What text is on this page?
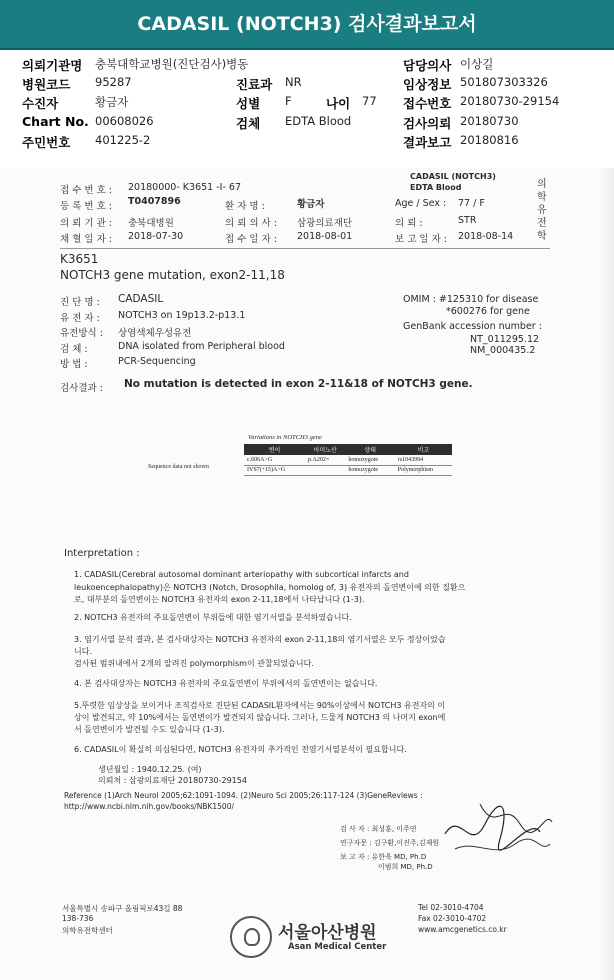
CADASIL (NOTCH3) 검사결과보고서
의뢰기관명 충북대학교병원(진단검사)병동
병원코드 95287
수진자	황금자
Chart No. 00608026
주민번호 401225-2
진료과 NR
성별 F	나이 77
검체 EDTA Blood
담당의사 이상길
임상정보 501807303326
접수번호 20180730-29154
검사의뢰 20180730
결과보고 20180816
접 수 번 호 : 20180000- K3651 -I- 67
CADASIL (NOTCH3)
EDTA Blood
등 록 번 호 : T0407896	환 자 명 :	황금자	Age / Sex : 77 / F
의 뢰 기 관 : 충북대병원	의 뢰 의 사 : 삼광의료재단	의 뢰 :	STR
채 혈 일 자 : 2018-07-30	접 수 일 자 : 2018-08-01	보 고 일 자 : 2018-08-14
의학유전학
K3651
NOTCH3 gene mutation, exon2-11,18
진 단 명 : CADASIL
유 전 자 : NOTCH3 on 19p13.2-p13.1
유전방식 : 상염색체우성유전
검 체 :	DNA isolated from Peripheral blood
방 법 :	PCR-Sequencing
OMIM : #125310 for disease
*600276 for gene
GenBank accession number :
NT_011295.12
NM_000435.2
검사결과 : No mutation is detected in exon 2-11&18 of NOTCH3 gene.
Variations in NOTCH3 gene
Sequence data not shown
Interpretation :
1. CADASIL(Cerebral autosomal dominant arteriopathy with subcortical infarcts and
leukoencephalopathy)은 NOTCH3 (Notch, Drosophila, homolog of, 3) 유전자의 돌연변이에 의한 질환으
로, 대부분의 돌연변이는 NOTCH3 유전자의 exon 2-11,18에서 나타납니다 (1-3).
2. NOTCH3 유전자의 주요돌연변이 부위들에 대한 염기서열을 분석하였습니다.
3. 염기서열 분석 결과, 본 검사대상자는 NOTCH3 유전자의 exon 2-11,18의 염기서열은 모두 정상이었습
니다.
검사된 범위내에서 2개의 알려진 polymorphism이 관찰되었습니다.
4. 본 검사대상자는 NOTCH3 유전자의 주요돌연변이 부위에서의 돌연변이는 없습니다.
5.뚜렷한 임상상을 보이거나 조직검사로 진단된 CADASIL환자에서는 90%이상에서 NOTCH3 유전자의 이
상이 발견되고, 약 10%에서는 돌연변이가 발견되지 않습니다. 그러나, 드물게 NOTCH3 의 나머지 exon에
서 돌연변이가 발견될 수도 있습니다 (1-3).
6. CADASIL이 확실히 의심된다면, NOTCH3 유전자의 추가적인 전염기서열분석이 필요합니다.
생년월일 : 1940.12.25. (여)
의뢰처 : 삼광의료재단 20180730-29154
Reference (1)Arch Neurol 2005;62:1091-1094. (2)Neuro Sci 2005;26:117-124 (3)GeneReviews :
http://www.ncbi.nlm.nih.gov/books/NBK1500/
검 사 자 : 최성훈, 이주연
연구자문 : 김구환,이진주,김재원
보 고 자 : 유한욱 MD, Ph.D
이범희 MD, Ph.D
서울특별시 송파구 올림픽로43길 88
138-736
의학유전학센터	서울아산병원
Asan Medical Center
Tel 02-3010-4704
Fax 02-3010-4702
www.amcgenetics.co.kr
변이	아미노산	상태	비고
c.606A>G	p.A202=	homozygote	rs1043994
IVS7(+15)A>G		homozygote	Polymorphism
